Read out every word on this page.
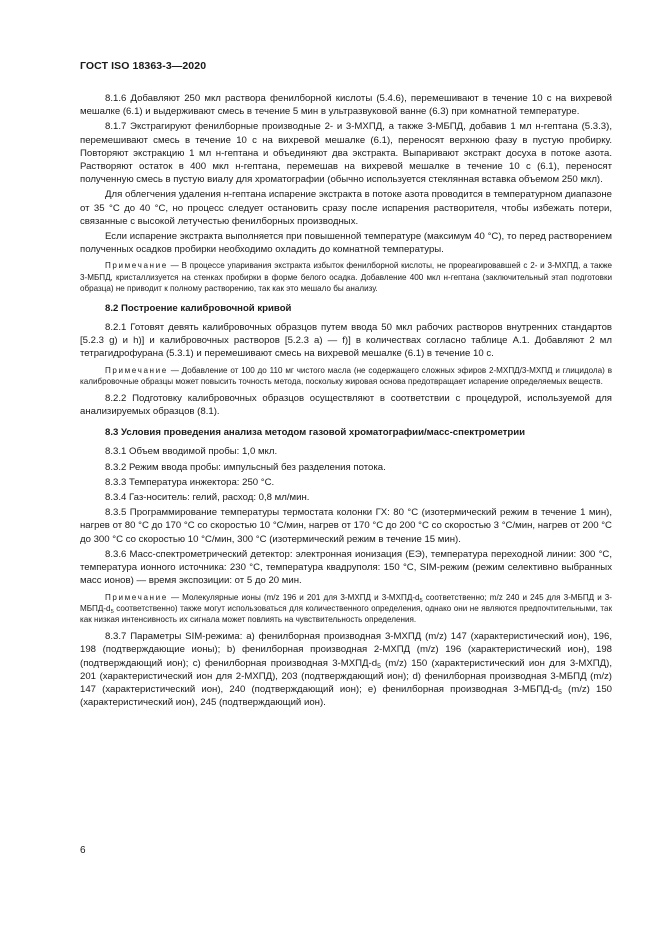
ГОСТ ISO 18363-3—2020

8.1.6 Добавляют 250 мкл раствора фенилборной кислоты (5.4.6), перемешивают в течение 10 с на вихревой мешалке (6.1) и выдерживают смесь в течение 5 мин в ультразвуковой ванне (6.3) при комнатной температуре.

8.1.7 Экстрагируют фенилборные производные 2- и 3-МХПД, а также 3-МБПД, добавив 1 мл н-гептана (5.3.3), перемешивают смесь в течение 10 с на вихревой мешалке (6.1), переносят верхнюю фазу в пустую пробирку. Повторяют экстракцию 1 мл н-гептана и объединяют два экстракта. Выпаривают экстракт досуха в потоке азота. Растворяют остаток в 400 мкл н-гептана, перемешав на вихревой мешалке в течение 10 с (6.1), переносят полученную смесь в пустую виалу для хроматографии (обычно используется стеклянная вставка объемом 250 мкл).

Для облегчения удаления н-гептана испарение экстракта в потоке азота проводится в температурном диапазоне от 35 °С до 40 °С, но процесс следует остановить сразу после испарения растворителя, чтобы избежать потери, связанные с высокой летучестью фенилборных производных.

Если испарение экстракта выполняется при повышенной температуре (максимум 40 °С), то перед растворением полученных осадков пробирки необходимо охладить до комнатной температуры.

Примечание — В процессе упаривания экстракта избыток фенилборной кислоты, не прореагировавшей с 2- и 3-МХПД, а также 3-МБПД, кристаллизуется на стенках пробирки в форме белого осадка. Добавление 400 мкл н-гептана (заключительный этап подготовки образца) не приводит к полному растворению, так как это мешало бы анализу.

8.2 Построение калибровочной кривой

8.2.1 Готовят девять калибровочных образцов путем ввода 50 мкл рабочих растворов внутренних стандартов [5.2.3 g) и h)] и калибровочных растворов [5.2.3 а) — f)] в количествах согласно таблице А.1. Добавляют 2 мл тетрагидрофурана (5.3.1) и перемешивают смесь на вихревой мешалке (6.1) в течение 10 с.

Примечание — Добавление от 100 до 110 мг чистого масла (не содержащего сложных эфиров 2-МХПД/3-МХПД и глицидола) в калибровочные образцы может повысить точность метода, поскольку жировая основа предотвращает испарение определяемых веществ.

8.2.2 Подготовку калибровочных образцов осуществляют в соответствии с процедурой, используемой для анализируемых образцов (8.1).

8.3 Условия проведения анализа методом газовой хроматографии/масс-спектрометрии

8.3.1 Объем вводимой пробы: 1,0 мкл.

8.3.2 Режим ввода пробы: импульсный без разделения потока.

8.3.3 Температура инжектора: 250 °С.

8.3.4 Газ-носитель: гелий, расход: 0,8 мл/мин.

8.3.5 Программирование температуры термостата колонки ГХ: 80 °С (изотермический режим в течение 1 мин), нагрев от 80 °С до 170 °С со скоростью 10 °С/мин, нагрев от 170 °С до 200 °С со скоростью 3 °С/мин, нагрев от 200 °С до 300 °С со скоростью 10 °С/мин, 300 °С (изотермический режим в течение 15 мин).

8.3.6 Масс-спектрометрический детектор: электронная ионизация (ЕЭ), температура переходной линии: 300 °С, температура ионного источника: 230 °С, температура квадруполя: 150 °С, SIM-режим (режим селективно выбранных масс ионов) — время экспозиции: от 5 до 20 мин.

Примечание — Молекулярные ионы (m/z 196 и 201 для 3-МХПД и $3-МХПД-d_5$ соответственно; m/z 240 и 245 для 3-МБПД и $3-МБПД-d_5$ соответственно) также могут использоваться для количественного определения, однако они не являются предпочтительными, так как низкая интенсивность их сигнала может повлиять на чувствительность определения.

8.3.7 Параметры SIM-режима: а) фенилборная производная 3-МХПД (m/z) 147 (характеристический ион), 196, 198 (подтверждающие ионы); b) фенилборная производная 2-МХПД (m/z) 196 (характеристический ион), 198 (подтверждающий ион); с) фенилборная производная $3-МХПД-d_5$ (m/z) 150 (характеристический ион для 3-МХПД), 201 (характеристический ион для 2-МХПД), 203 (подтверждающий ион); d) фенилборная производная 3-МБПД (m/z) 147 (характеристический ион), 240 (подтверждающий ион); е) фенилборная производная $3-МБПД-d_5$ (m/z) 150 (характеристический ион), 245 (подтверждающий ион).

6
